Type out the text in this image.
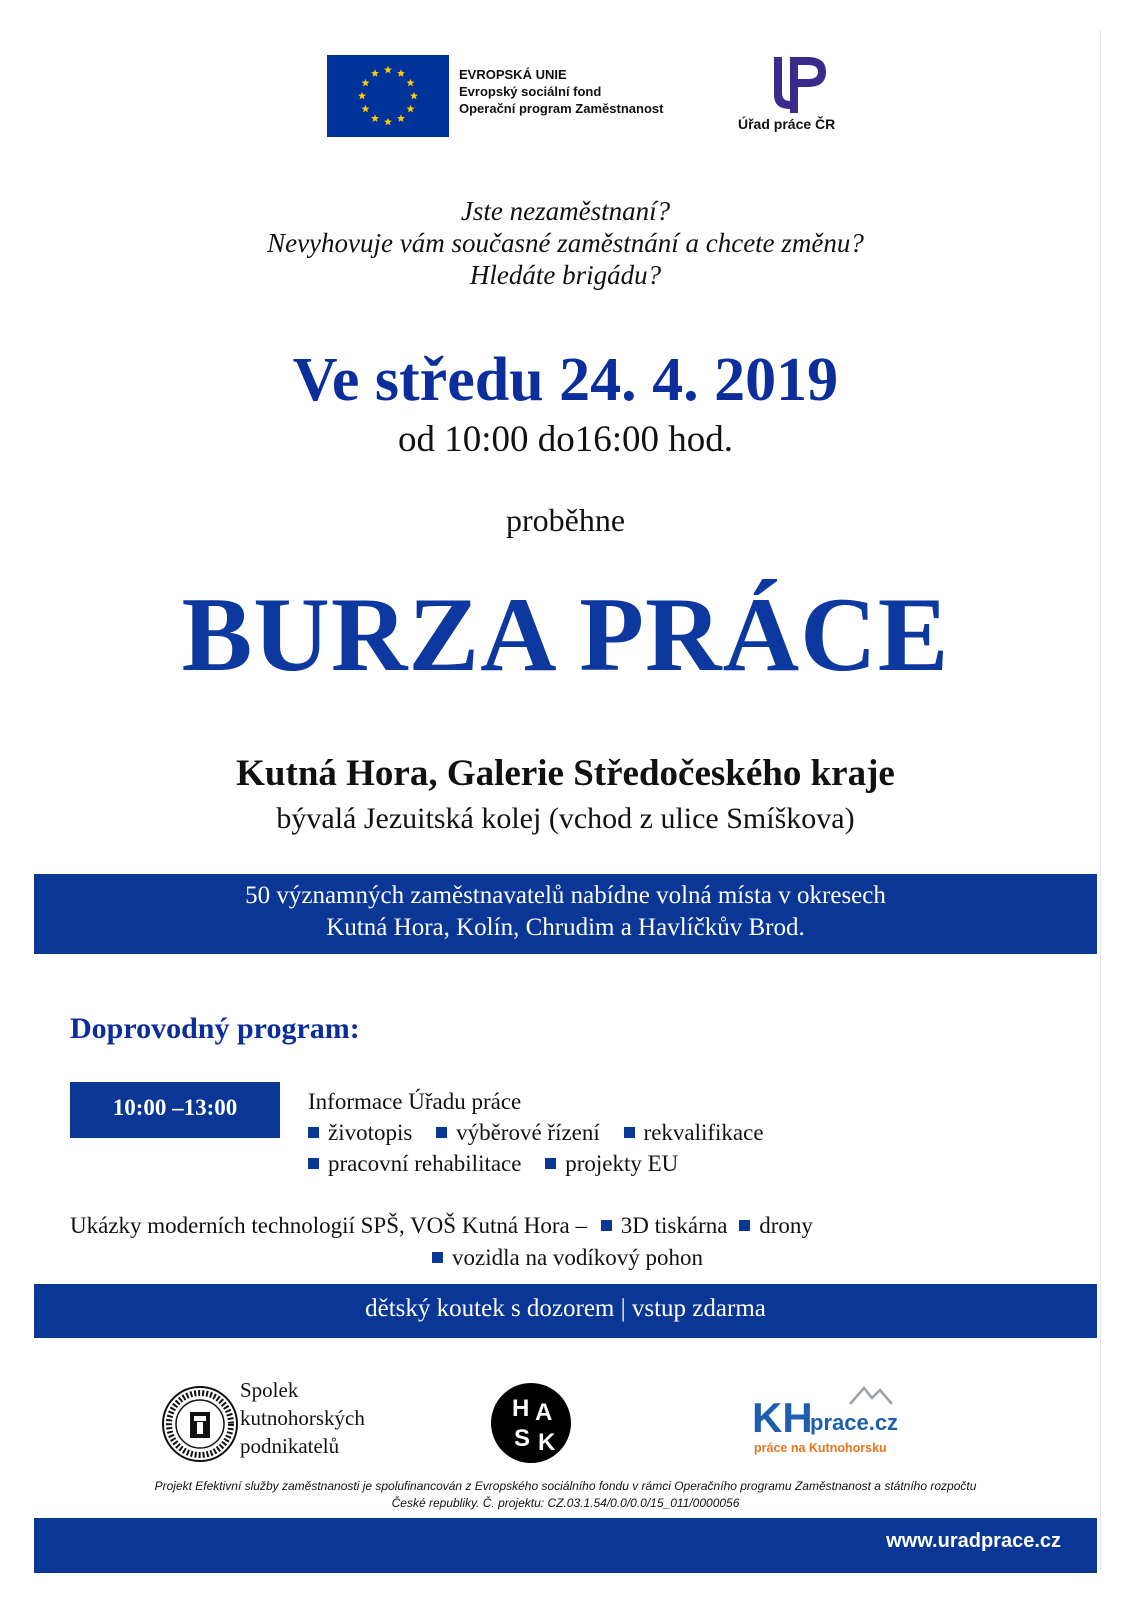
EVROPSKÁ UNIE
Evropský sociální fond
Operační program Zaměstnanost
Úřad práce ČR
Jste nezaměstnaní?
Nevyhovuje vám současné zaměstnání a chcete změnu?
Hledáte brigádu?
Ve středu 24. 4. 2019
od 10:00 do16:00 hod.
proběhne
BURZA PRÁCE
Kutná Hora, Galerie Středočeského kraje
bývalá Jezuitská kolej (vchod z ulice Smíškova)
50 významných zaměstnavatelů nabídne volná místa v okresech
Kutná Hora, Kolín, Chrudim a Havlíčkův Brod.
Doprovodný program:
10:00 –13:00	Informace Úřadu práce
životopis výběrové řízení rekvalifikace
pracovní rehabilitace projekty EU
Ukázky moderních technologií SPŠ, VOŠ Kutná Hora – 3D tiskárna drony
vozidla na vodíkový pohon
dětský koutek s dozorem | vstup zdarma
Spolek
kutnohorských
podnikatelů
H A
S K
KH
prace.cz
práce na Kutnohorsku
Projekt Efektivní služby zaměstnanosti je spolufinancován z Evropského sociálního fondu v rámci Operačního programu Zaměstnanost a státního rozpočtu
České republiky. Č. projektu: CZ.03.1.54/0.0/0.0/15_011/0000056
www.uradprace.cz
